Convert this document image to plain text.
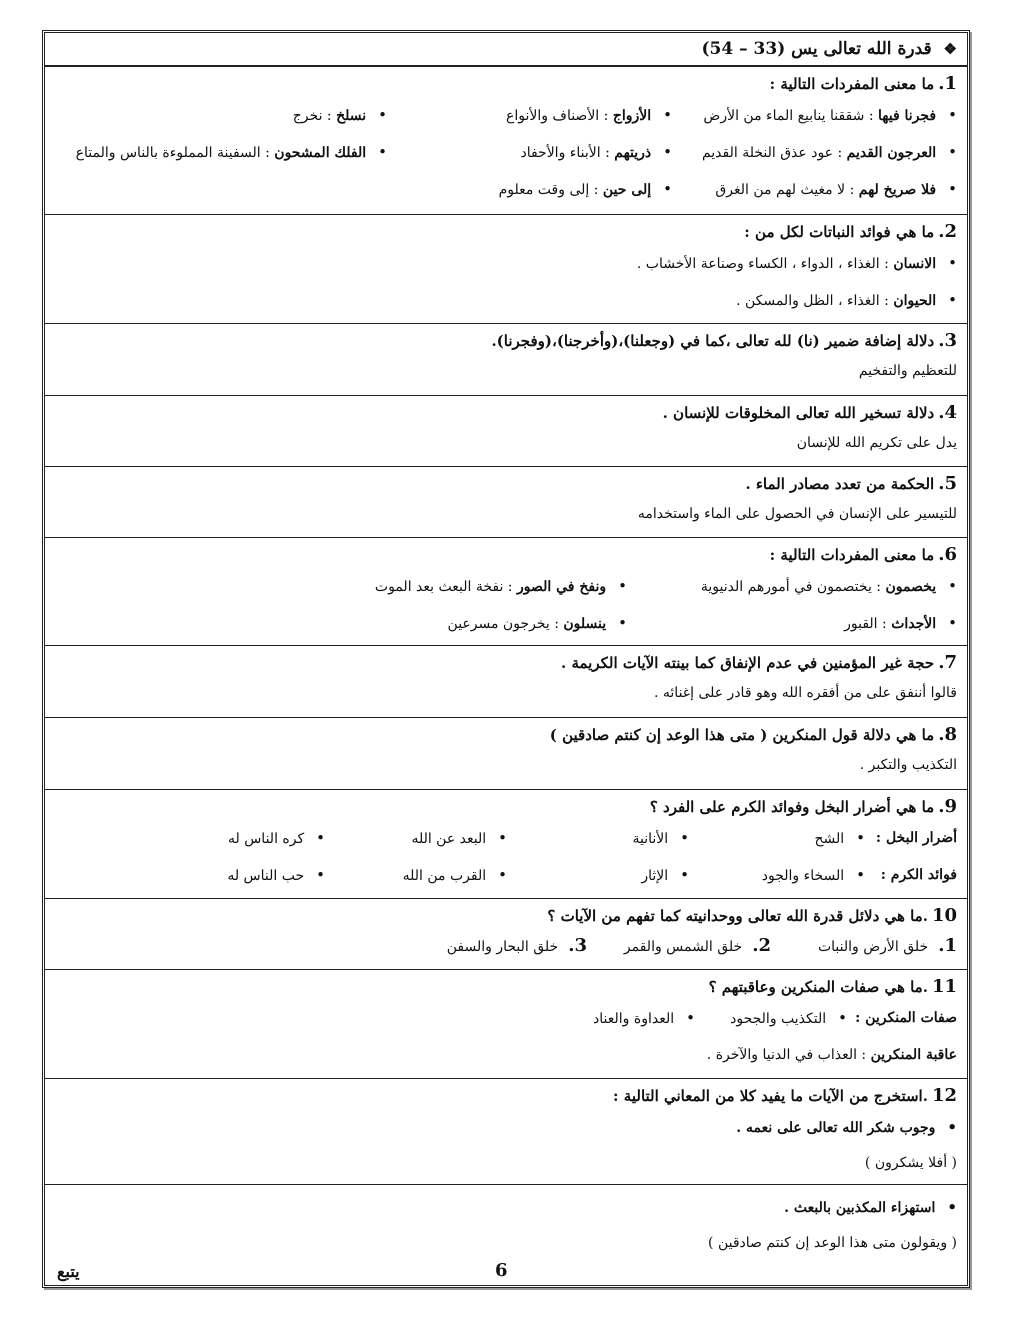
❖ قدرة الله تعالى يس (33 – 54)
1.ما معنى المفردات التالية :
• فجرنا فيها : شققنا ينابيع الماء من الأرض
• الأزواج : الأصناف والأنواع
• نسلخ : نخرج
• العرجون القديم : عود عذق النخلة القديم
• ذريتهم : الأبناء والأحفاد
• الفلك المشحون : السفينة المملوءة بالناس والمتاع
• فلا صريخ لهم : لا مغيث لهم من الغرق
• إلى حين : إلى وقت معلوم
2.ما هي فوائد النباتات لكل من :
• الانسان : الغذاء ، الدواء ، الكساء وصناعة الأخشاب .
• الحيوان : الغذاء ، الظل والمسكن .
3.دلالة إضافة ضمير (نا) لله تعالى ،كما في (وجعلنا)،(وأخرجنا)،(وفجرنا).
للتعظيم والتفخيم
4.دلالة تسخير الله تعالى المخلوقات للإنسان .
يدل على تكريم الله للإنسان
5.الحكمة من تعدد مصادر الماء .
للتيسير على الإنسان في الحصول على الماء واستخدامه
6.ما معنى المفردات التالية :
• يخصمون : يختصمون في أمورهم الدنيوية
• ونفخ في الصور : نفخة البعث بعد الموت
• الأجداث : القبور
• ينسلون : يخرجون مسرعين
7.حجة غير المؤمنين في عدم الإنفاق كما بينته الآيات الكريمة .
قالوا أننفق على من أفقره الله وهو قادر على إغنائه .
8.ما هي دلالة قول المنكرين ( متى هذا الوعد إن كنتم صادقين )
التكذيب والتكبر .
9.ما هي أضرار البخل وفوائد الكرم على الفرد ؟
أضرار البخل :
• الشح
• الأنانية
• البعد عن الله
• كره الناس له
فوائد الكرم :
• السخاء والجود
• الإثار
• القرب من الله
• حب الناس له
10.ما هي دلائل قدرة الله تعالى ووحدانيته كما تفهم من الآيات ؟
1.خلق الأرض والنبات
2.خلق الشمس والقمر
3.خلق البحار والسفن
11.ما هي صفات المنكرين وعاقبتهم ؟
صفات المنكرين :
• التكذيب والجحود
• العداوة والعناد
عاقبة المنكرين : العذاب في الدنيا والآخرة .
12.استخرج من الآيات ما يفيد كلا من المعاني التالية :
• وجوب شكر الله تعالى على نعمه .
( أفلا يشكرون )
• استهزاء المكذبين بالبعث .
( ويقولون متى هذا الوعد إن كنتم صادقين )
6
يتبع
